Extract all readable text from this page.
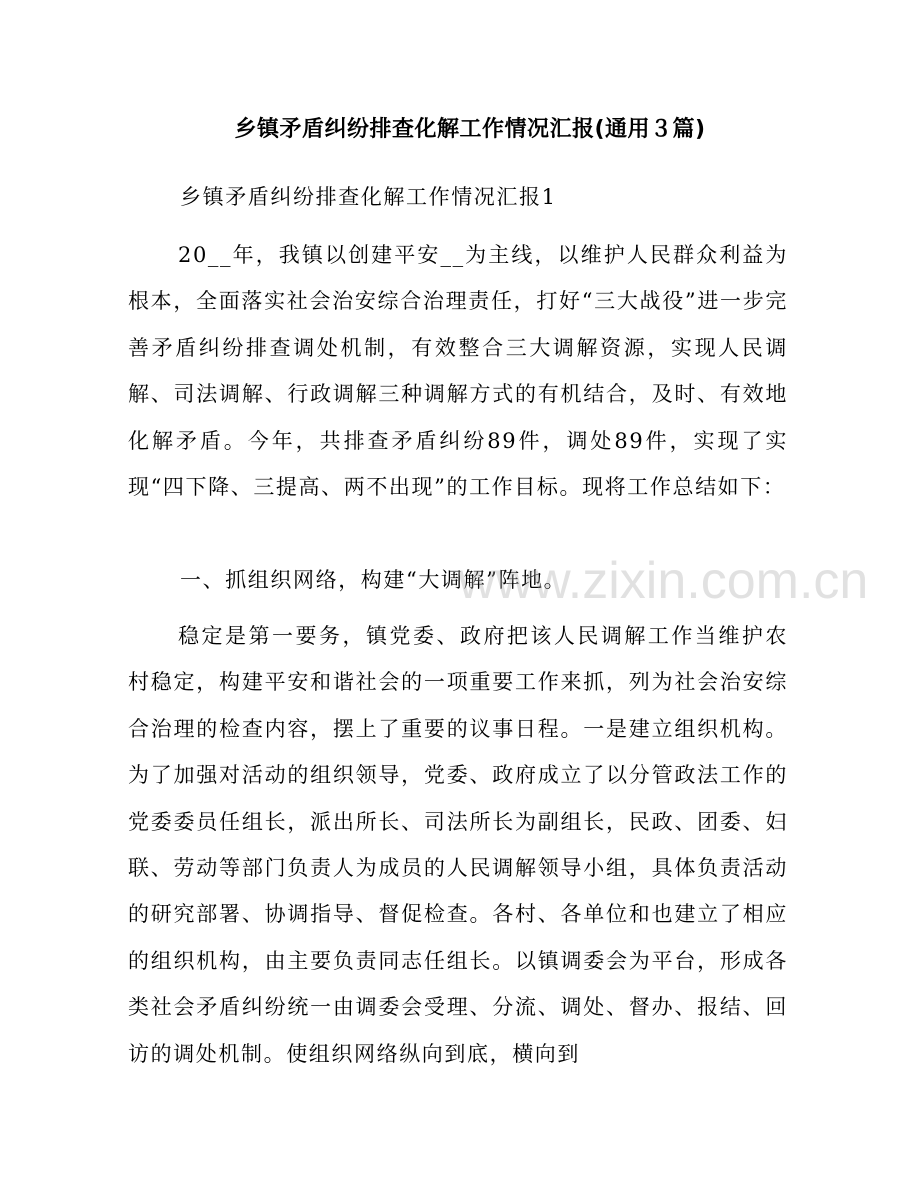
乡镇矛盾纠纷排查化解工作情况汇报(通用３篇)
乡镇矛盾纠纷排查化解工作情况汇报1

20__年，我镇以创建平安__为主线，以维护人民群众利益为根本，全面落实社会治安综合治理责任，打好“三大战役”进一步完善矛盾纠纷排查调处机制，有效整合三大调解资源，实现人民调解、司法调解、行政调解三种调解方式的有机结合，及时、有效地化解矛盾。今年，共排查矛盾纠纷89件，调处89件，实现了实现“四下降、三提高、两不出现”的工作目标。现将工作总结如下：

一、抓组织网络，构建“大调解”阵地。

稳定是第一要务，镇党委、政府把该人民调解工作当维护农村稳定，构建平安和谐社会的一项重要工作来抓，列为社会治安综合治理的检查内容，摆上了重要的议事日程。一是建立组织机构。为了加强对活动的组织领导，党委、政府成立了以分管政法工作的党委委员任组长，派出所长、司法所长为副组长，民政、团委、妇联、劳动等部门负责人为成员的人民调解领导小组，具体负责活动的研究部署、协调指导、督促检查。各村、各单位和也建立了相应的组织机构，由主要负责同志任组长。以镇调委会为平台，形成各类社会矛盾纠纷统一由调委会受理、分流、调处、督办、报结、回访的调处机制。使组织网络纵向到底，横向到

www.zixin.com.cn
